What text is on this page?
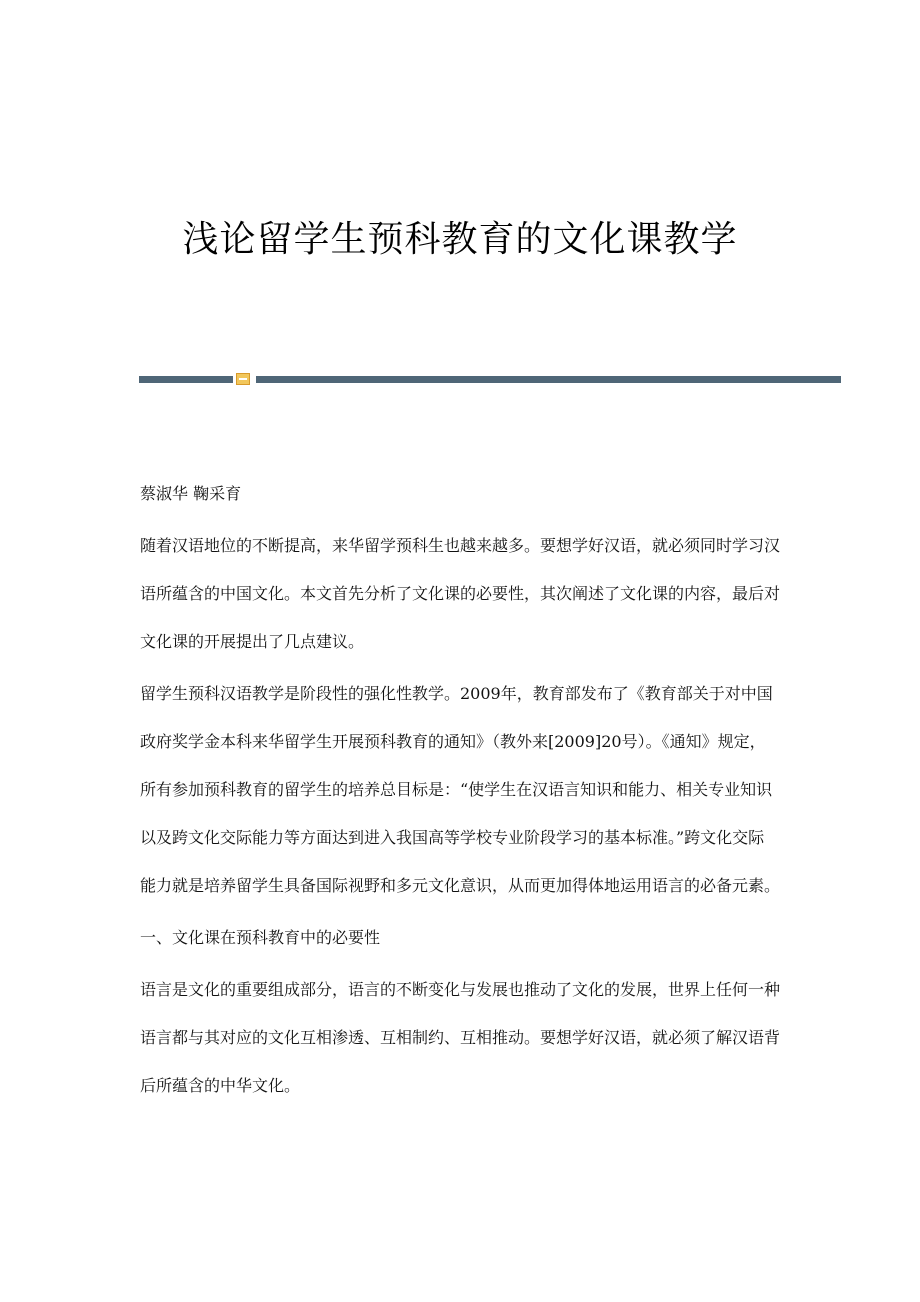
浅论留学生预科教育的文化课教学

蔡淑华 鞠采育

随着汉语地位的不断提高，来华留学预科生也越来越多。要想学好汉语，就必须同时学习汉语所蕴含的中国文化。本文首先分析了文化课的必要性，其次阐述了文化课的内容，最后对文化课的开展提出了几点建议。

留学生预科汉语教学是阶段性的强化性教学。2009年，教育部发布了《教育部关于对中国政府奖学金本科来华留学生开展预科教育的通知》（教外来[2009]20号）。《通知》规定，所有参加预科教育的留学生的培养总目标是：“使学生在汉语言知识和能力、相关专业知识以及跨文化交际能力等方面达到进入我国高等学校专业阶段学习的基本标准。”跨文化交际能力就是培养留学生具备国际视野和多元文化意识，从而更加得体地运用语言的必备元素。

一、文化课在预科教育中的必要性

语言是文化的重要组成部分，语言的不断变化与发展也推动了文化的发展，世界上任何一种语言都与其对应的文化互相渗透、互相制约、互相推动。要想学好汉语，就必须了解汉语背后所蕴含的中华文化。
